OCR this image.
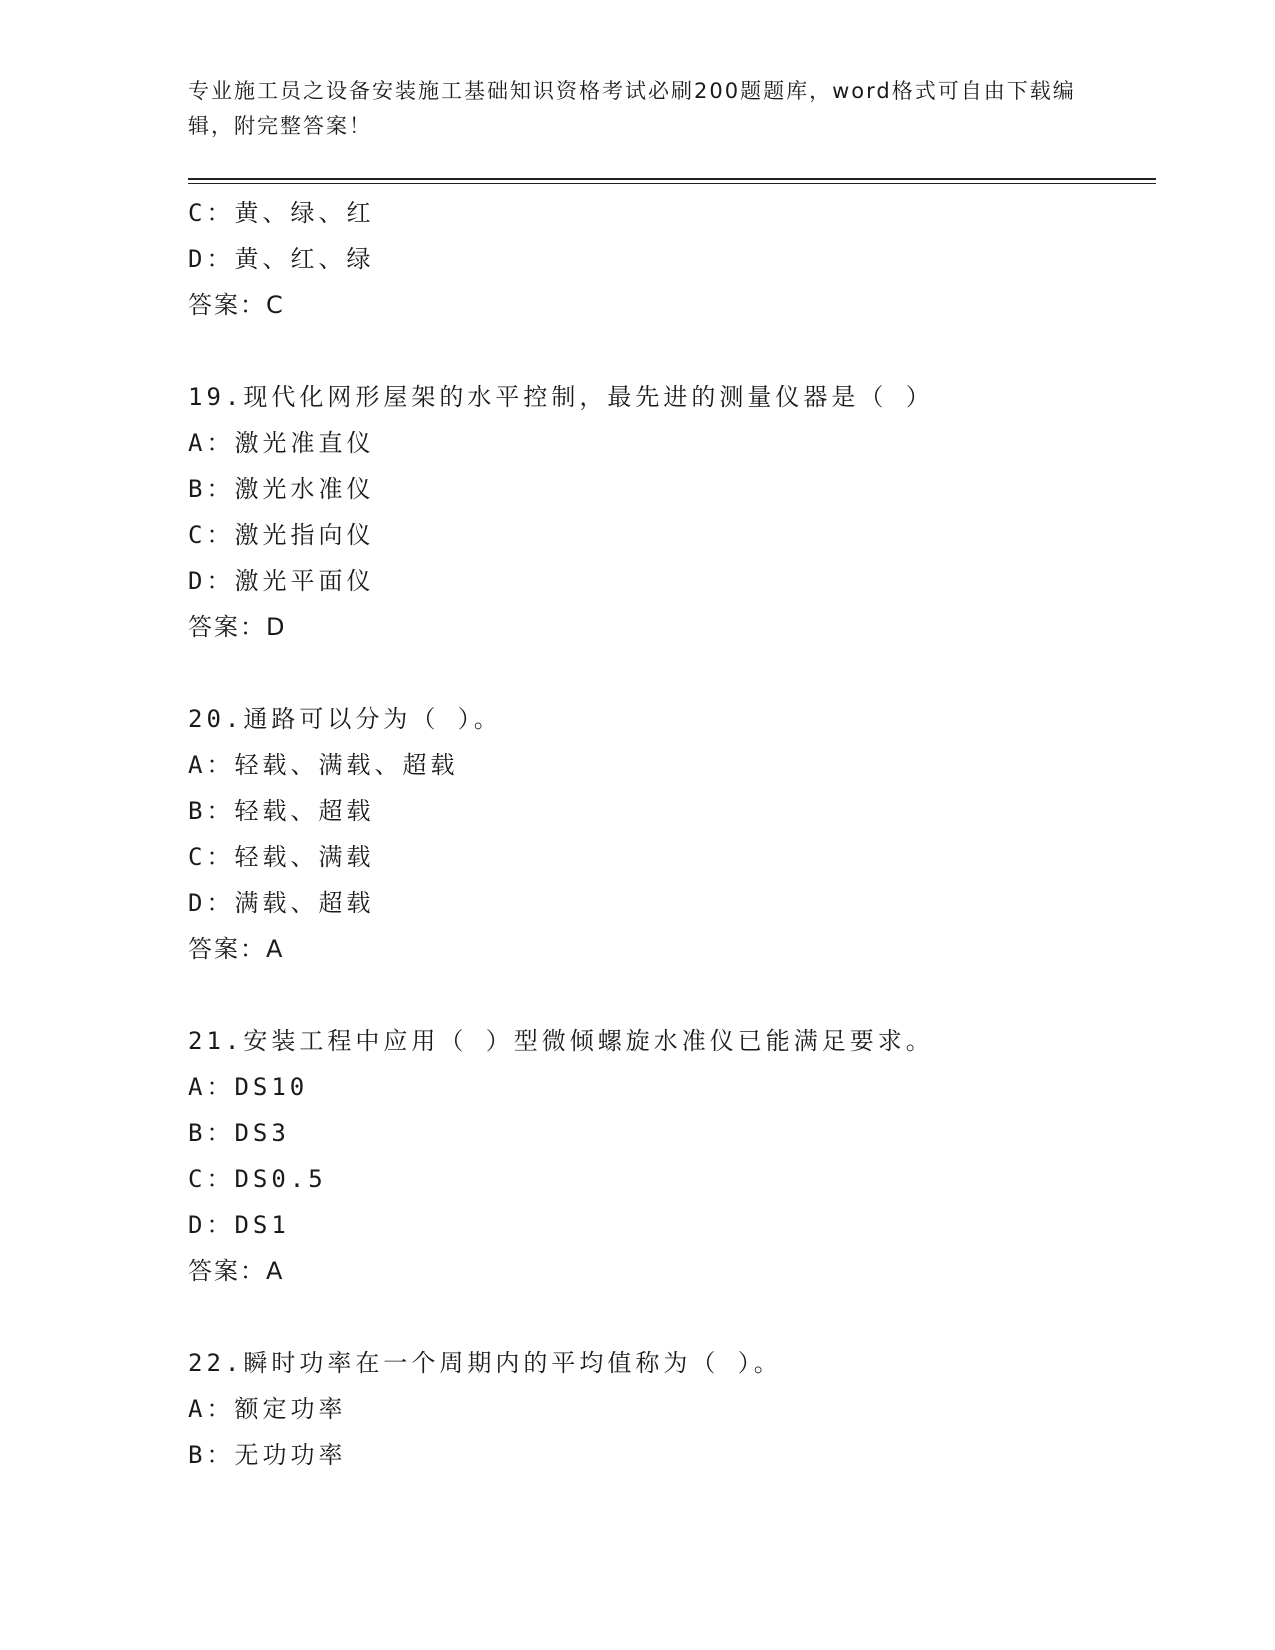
专业施工员之设备安装施工基础知识资格考试必刷200题题库，word格式可自由下载编辑，附完整答案！
C：黄、绿、红
D：黄、红、绿
答案：C
19.现代化网形屋架的水平控制，最先进的测量仪器是（ ）
A：激光准直仪
B：激光水准仪
C：激光指向仪
D：激光平面仪
答案：D
20.通路可以分为（ ）。
A：轻载、满载、超载
B：轻载、超载
C：轻载、满载
D：满载、超载
答案：A
21.安装工程中应用（ ）型微倾螺旋水准仪已能满足要求。
A：DS10
B：DS3
C：DS0.5
D：DS1
答案：A
22.瞬时功率在一个周期内的平均值称为（ ）。
A：额定功率
B：无功功率
